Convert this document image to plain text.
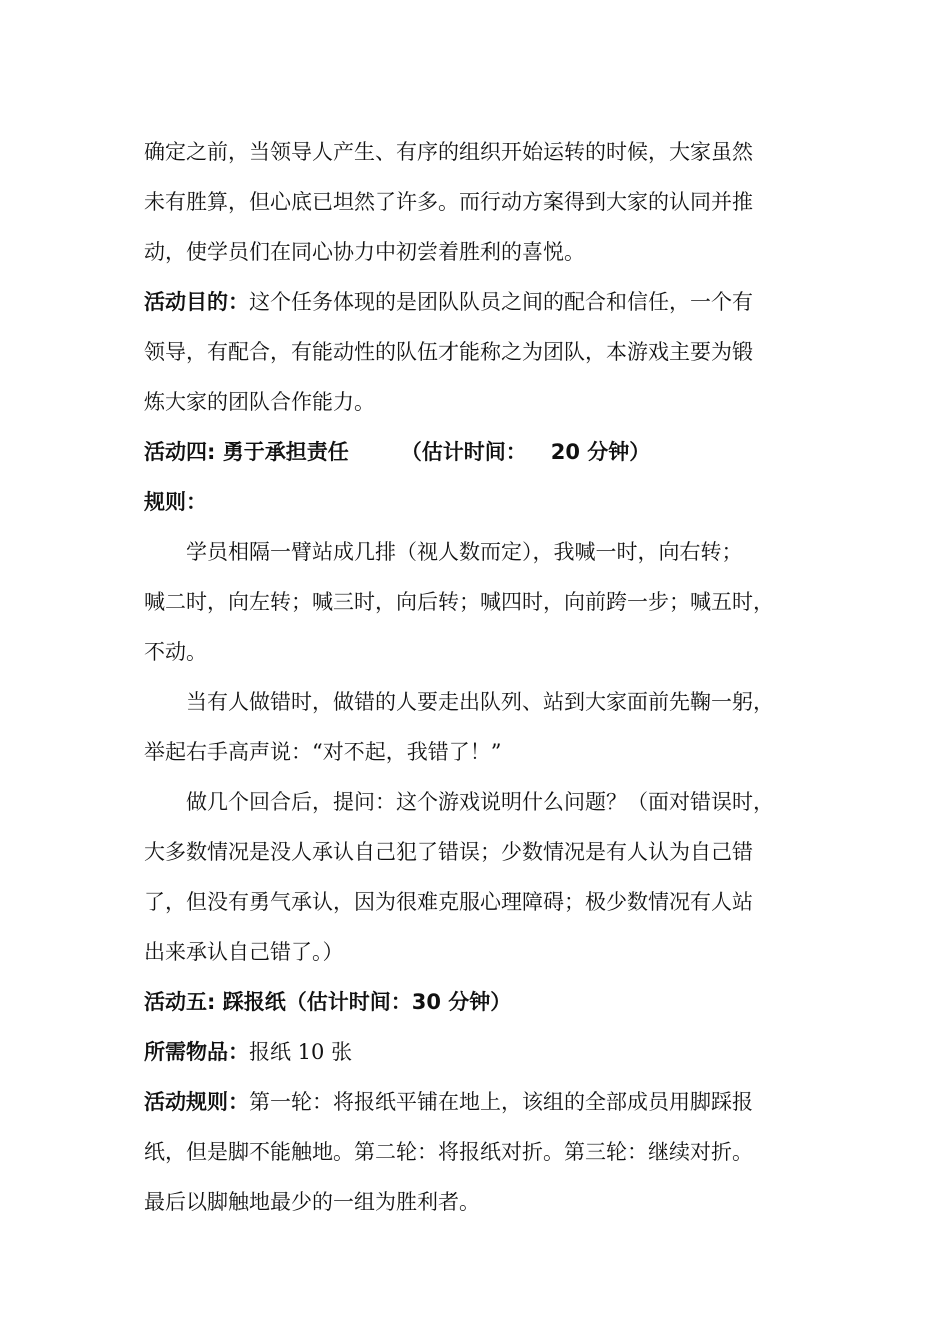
确定之前，当领导人产生、有序的组织开始运转的时候，大家虽然
未有胜算，但心底已坦然了许多。而行动方案得到大家的认同并推
动，使学员们在同心协力中初尝着胜利的喜悦。
活动目的：这个任务体现的是团队队员之间的配合和信任，一个有
领导，有配合，有能动性的队伍才能称之为团队，本游戏主要为锻
炼大家的团队合作能力。
活动四: 勇于承担责任 （估计时间： 20 分钟）
规则：
学员相隔一臂站成几排（视人数而定），我喊一时，向右转；
喊二时，向左转；喊三时，向后转；喊四时，向前跨一步；喊五时，
不动。
当有人做错时，做错的人要走出队列、站到大家面前先鞠一躬，
举起右手高声说：“对不起，我错了！”
做几个回合后，提问：这个游戏说明什么问题？（面对错误时，
大多数情况是没人承认自己犯了错误；少数情况是有人认为自己错
了，但没有勇气承认，因为很难克服心理障碍；极少数情况有人站
出来承认自己错了。）
活动五: 踩报纸（估计时间：30 分钟）
所需物品：报纸 10 张
活动规则：第一轮：将报纸平铺在地上，该组的全部成员用脚踩报
纸，但是脚不能触地。第二轮：将报纸对折。第三轮：继续对折。
最后以脚触地最少的一组为胜利者。
